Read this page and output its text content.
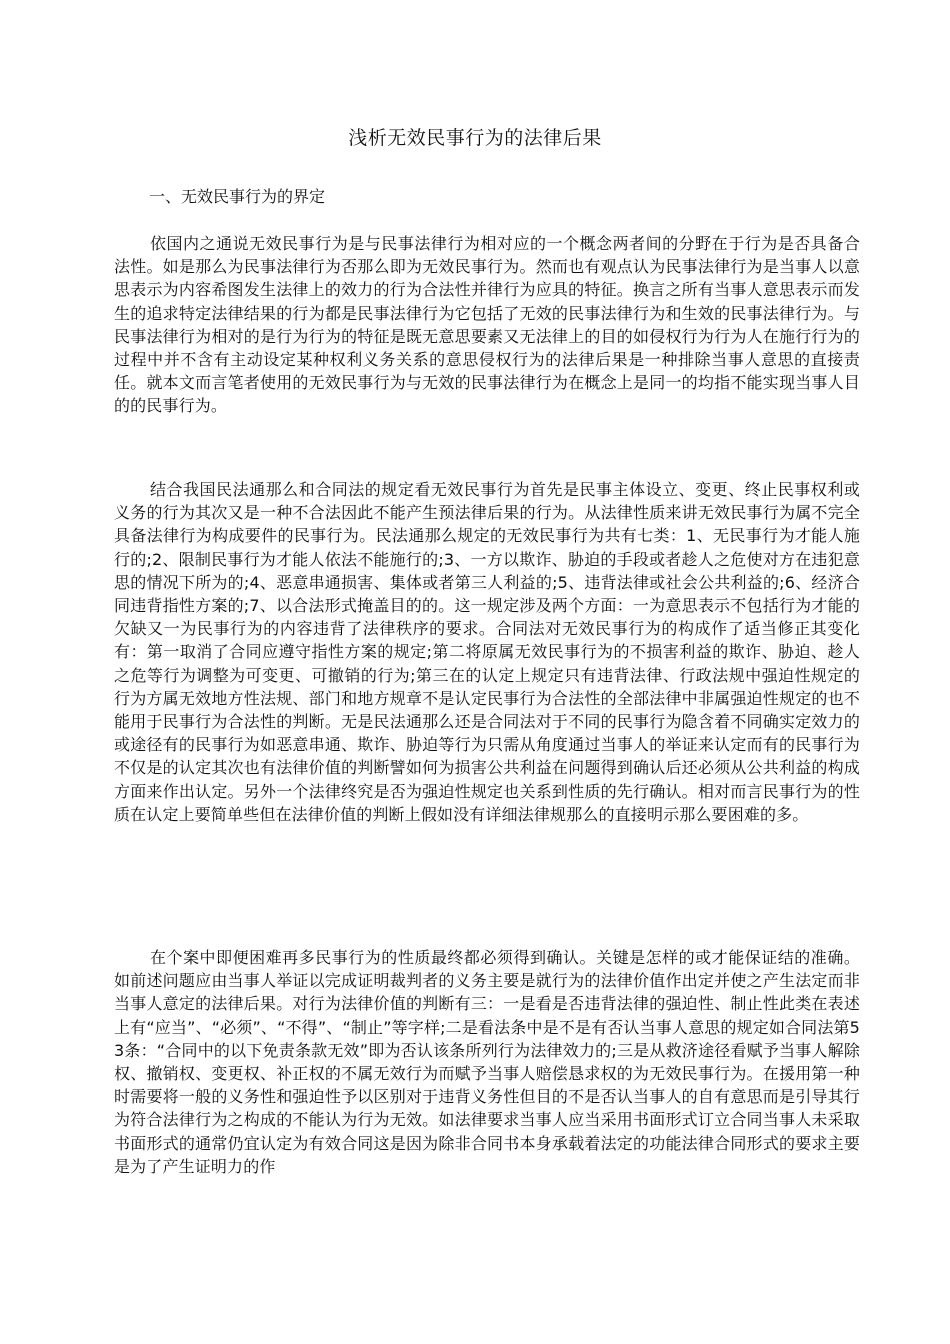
浅析无效民事行为的法律后果
一、无效民事行为的界定

依国内之通说无效民事行为是与民事法律行为相对应的一个概念两者间的分野在于行为是否具备合法性。如是那么为民事法律行为否那么即为无效民事行为。然而也有观点认为民事法律行为是当事人以意思表示为内容希图发生法律上的效力的行为合法性并律行为应具的特征。换言之所有当事人意思表示而发生的追求特定法律结果的行为都是民事法律行为它包括了无效的民事法律行为和生效的民事法律行为。与民事法律行为相对的是行为行为的特征是既无意思要素又无法律上的目的如侵权行为行为人在施行行为的过程中并不含有主动设定某种权利义务关系的意思侵权行为的法律后果是一种排除当事人意思的直接责任。就本文而言笔者使用的无效民事行为与无效的民事法律行为在概念上是同一的均指不能实现当事人目的的民事行为。

结合我国民法通那么和合同法的规定看无效民事行为首先是民事主体设立、变更、终止民事权利或义务的行为其次又是一种不合法因此不能产生预法律后果的行为。从法律性质来讲无效民事行为属不完全具备法律行为构成要件的民事行为。民法通那么规定的无效民事行为共有七类：1、无民事行为才能人施行的;2、限制民事行为才能人依法不能施行的;3、一方以欺诈、胁迫的手段或者趁人之危使对方在违犯意思的情况下所为的;4、恶意串通损害、集体或者第三人利益的;5、违背法律或社会公共利益的;6、经济合同违背指性方案的;7、以合法形式掩盖目的的。这一规定涉及两个方面：一为意思表示不包括行为才能的欠缺又一为民事行为的内容违背了法律秩序的要求。合同法对无效民事行为的构成作了适当修正其变化有：第一取消了合同应遵守指性方案的规定;第二将原属无效民事行为的不损害利益的欺诈、胁迫、趁人之危等行为调整为可变更、可撤销的行为;第三在的认定上规定只有违背法律、行政法规中强迫性规定的行为方属无效地方性法规、部门和地方规章不是认定民事行为合法性的全部法律中非属强迫性规定的也不能用于民事行为合法性的判断。无是民法通那么还是合同法对于不同的民事行为隐含着不同确实定效力的或途径有的民事行为如恶意串通、欺诈、胁迫等行为只需从角度通过当事人的举证来认定而有的民事行为不仅是的认定其次也有法律价值的判断譬如何为损害公共利益在问题得到确认后还必须从公共利益的构成方面来作出认定。另外一个法律终究是否为强迫性规定也关系到性质的先行确认。相对而言民事行为的性质在认定上要简单些但在法律价值的判断上假如没有详细法律规那么的直接明示那么要困难的多。

在个案中即便困难再多民事行为的性质最终都必须得到确认。关键是怎样的或才能保证结的准确。如前述问题应由当事人举证以完成证明裁判者的义务主要是就行为的法律价值作出定并使之产生法定而非当事人意定的法律后果。对行为法律价值的判断有三：一是看是否违背法律的强迫性、制止性此类在表述上有“应当”、“必须”、“不得”、“制止”等字样;二是看法条中是不是有否认当事人意思的规定如合同法第53条：“合同中的以下免责条款无效”即为否认该条所列行为法律效力的;三是从救济途径看赋予当事人解除权、撤销权、变更权、补正权的不属无效行为而赋予当事人赔偿恳求权的为无效民事行为。在援用第一种时需要将一般的义务性和强迫性予以区别对于违背义务性但目的不是否认当事人的自有意思而是引导其行为符合法律行为之构成的不能认为行为无效。如法律要求当事人应当采用书面形式订立合同当事人未采取书面形式的通常仍宜认定为有效合同这是因为除非合同书本身承载着法定的功能法律合同形式的要求主要是为了产生证明力的作
